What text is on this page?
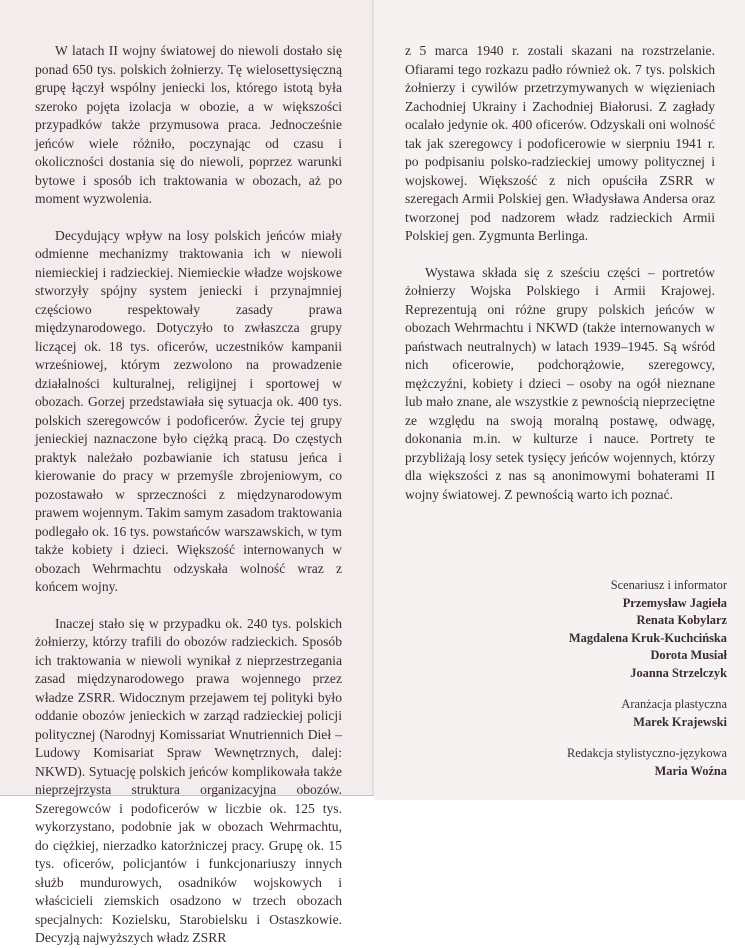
W latach II wojny światowej do niewoli dostało się ponad 650 tys. polskich żołnierzy. Tę wielosettysięczną grupę łączył wspólny jeniecki los, którego istotą była szeroko pojęta izolacja w obozie, a w większości przypadków także przymusowa praca. Jednocześnie jeńców wiele różniło, poczynając od czasu i okoliczności dostania się do niewoli, poprzez warunki bytowe i sposób ich traktowania w obozach, aż po moment wyzwolenia.

Decydujący wpływ na losy polskich jeńców miały odmienne mechanizmy traktowania ich w niewoli niemieckiej i radzieckiej. Niemieckie władze wojskowe stworzyły spójny system jeniecki i przynajmniej częściowo respektowały zasady prawa międzynarodowego. Dotyczyło to zwłaszcza grupy liczącej ok. 18 tys. oficerów, uczestników kampanii wrześniowej, którym zezwolono na prowadzenie działalności kulturalnej, religijnej i sportowej w obozach. Gorzej przedstawiała się sytuacja ok. 400 tys. polskich szeregowców i podoficerów. Życie tej grupy jenieckiej naznaczone było ciężką pracą. Do częstych praktyk należało pozbawianie ich statusu jeńca i kierowanie do pracy w przemyśle zbrojeniowym, co pozostawało w sprzeczności z międzynarodowym prawem wojennym. Takim samym zasadom traktowania podlegało ok. 16 tys. powstańców warszawskich, w tym także kobiety i dzieci. Większość internowanych w obozach Wehrmachtu odzyskała wolność wraz z końcem wojny.

Inaczej stało się w przypadku ok. 240 tys. polskich żołnierzy, którzy trafili do obozów radzieckich. Sposób ich traktowania w niewoli wynikał z nieprzestrzegania zasad międzynarodowego prawa wojennego przez władze ZSRR. Widocznym przejawem tej polityki było oddanie obozów jenieckich w zarząd radzieckiej policji politycznej (Narodnyj Komissariat Wnutriennich Dieł – Ludowy Komisariat Spraw Wewnętrznych, dalej: NKWD). Sytuację polskich jeńców komplikowała także nieprzejrzysta struktura organizacyjna obozów. Szeregowców i podoficerów w liczbie ok. 125 tys. wykorzystano, podobnie jak w obozach Wehrmachtu, do ciężkiej, nierzadko katorżniczej pracy. Grupę ok. 15 tys. oficerów, policjantów i funkcjonariuszy innych służb mundurowych, osadników wojskowych i właścicieli ziemskich osadzono w trzech obozach specjalnych: Kozielsku, Starobielsku i Ostaszkowie. Decyzją najwyższych władz ZSRR

z 5 marca 1940 r. zostali skazani na rozstrzelanie. Ofiarami tego rozkazu padło również ok. 7 tys. polskich żołnierzy i cywilów przetrzymywanych w więzieniach Zachodniej Ukrainy i Zachodniej Białorusi. Z zagłady ocalało jedynie ok. 400 oficerów. Odzyskali oni wolność tak jak szeregowcy i podoficerowie w sierpniu 1941 r. po podpisaniu polsko-radzieckiej umowy politycznej i wojskowej. Większość z nich opuściła ZSRR w szeregach Armii Polskiej gen. Władysława Andersa oraz tworzonej pod nadzorem władz radzieckich Armii Polskiej gen. Zygmunta Berlinga.

Wystawa składa się z sześciu części – portretów żołnierzy Wojska Polskiego i Armii Krajowej. Reprezentują oni różne grupy polskich jeńców w obozach Wehrmachtu i NKWD (także internowanych w państwach neutralnych) w latach 1939–1945. Są wśród nich oficerowie, podchorążowie, szeregowcy, mężczyźni, kobiety i dzieci – osoby na ogół nieznane lub mało znane, ale wszystkie z pewnością nieprzeciętne ze względu na swoją moralną postawę, odwagę, dokonania m.in. w kulturze i nauce. Portrety te przybliżają losy setek tysięcy jeńców wojennych, którzy dla większości z nas są anonimowymi bohaterami II wojny światowej. Z pewnością warto ich poznać.

Scenariusz i informator
Przemysław Jagieła
Renata Kobylarz
Magdalena Kruk-Kuchcińska
Dorota Musiał
Joanna Strzelczyk
Aranżacja plastyczna
Marek Krajewski
Redakcja stylistyczno-językowa
Maria Woźna
